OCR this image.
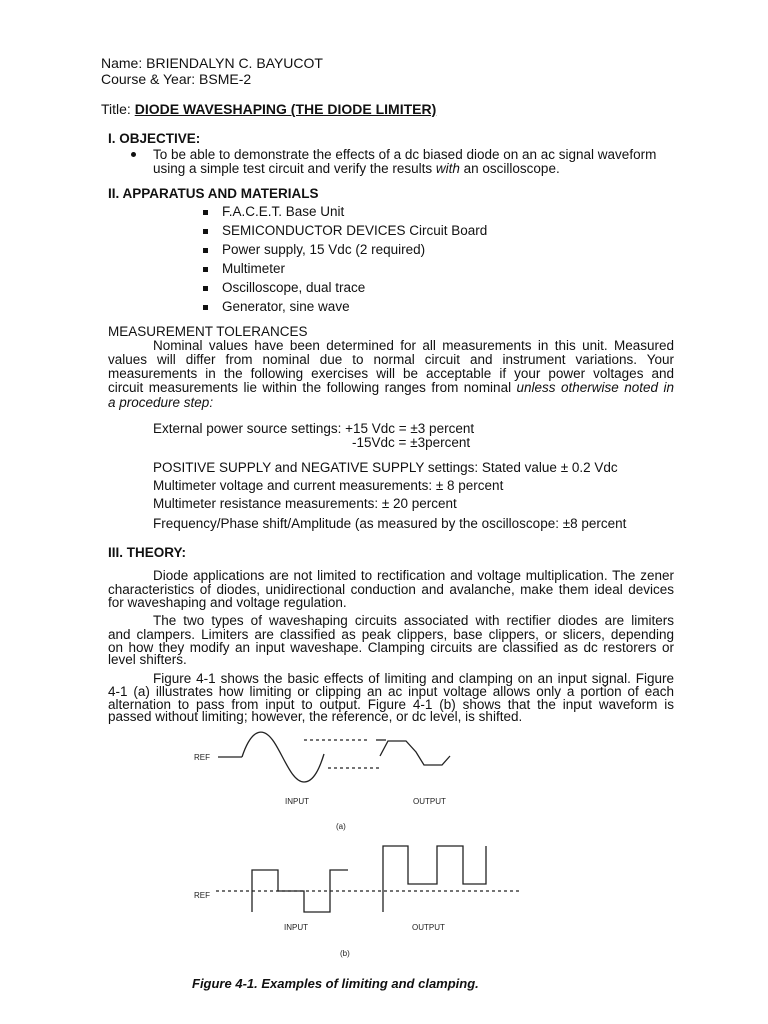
Name: BRIENDALYN C. BAYUCOT
Course & Year: BSME-2
Title: DIODE WAVESHAPING (THE DIODE LIMITER)
I. OBJECTIVE:
To be able to demonstrate the effects of a dc biased diode on an ac signal waveform
using a simple test circuit and verify the results with an oscilloscope.
II. APPARATUS AND MATERIALS
F.A.C.E.T. Base Unit
SEMICONDUCTOR DEVICES Circuit Board
Power supply, 15 Vdc (2 required)
Multimeter
Oscilloscope, dual trace
Generator, sine wave
MEASUREMENT TOLERANCES
Nominal values have been determined for all measurements in this unit. Measured
values will differ from nominal due to normal circuit and instrument variations. Your
measurements in the following exercises will be acceptable if your power voltages and
circuit measurements lie within the following ranges from nominal unless otherwise noted in
a procedure step:
External power source settings: +15 Vdc = ±3 percent
-15Vdc = ±3percent
POSITIVE SUPPLY and NEGATIVE SUPPLY settings: Stated value ± 0.2 Vdc
Multimeter voltage and current measurements: ± 8 percent
Multimeter resistance measurements: ± 20 percent
Frequency/Phase shift/Amplitude (as measured by the oscilloscope: ±8 percent
III. THEORY:
Diode applications are not limited to rectification and voltage multiplication. The zener
characteristics of diodes, unidirectional conduction and avalanche, make them ideal devices
for waveshaping and voltage regulation.
The two types of waveshaping circuits associated with rectifier diodes are limiters
and clampers. Limiters are classified as peak clippers, base clippers, or slicers, depending
on how they modify an input waveshape. Clamping circuits are classified as dc restorers or
level shifters.
Figure 4-1 shows the basic effects of limiting and clamping on an input signal. Figure
4-1 (a) illustrates how limiting or clipping an ac input voltage allows only a portion of each
alternation to pass from input to output. Figure 4-1 (b) shows that the input waveform is
passed without limiting; however, the reference, or dc level, is shifted.
REF
INPUT	OUTPUT
(a)
REF
INPUT	OUTPUT
(b)
Figure 4-1. Examples of limiting and clamping.
